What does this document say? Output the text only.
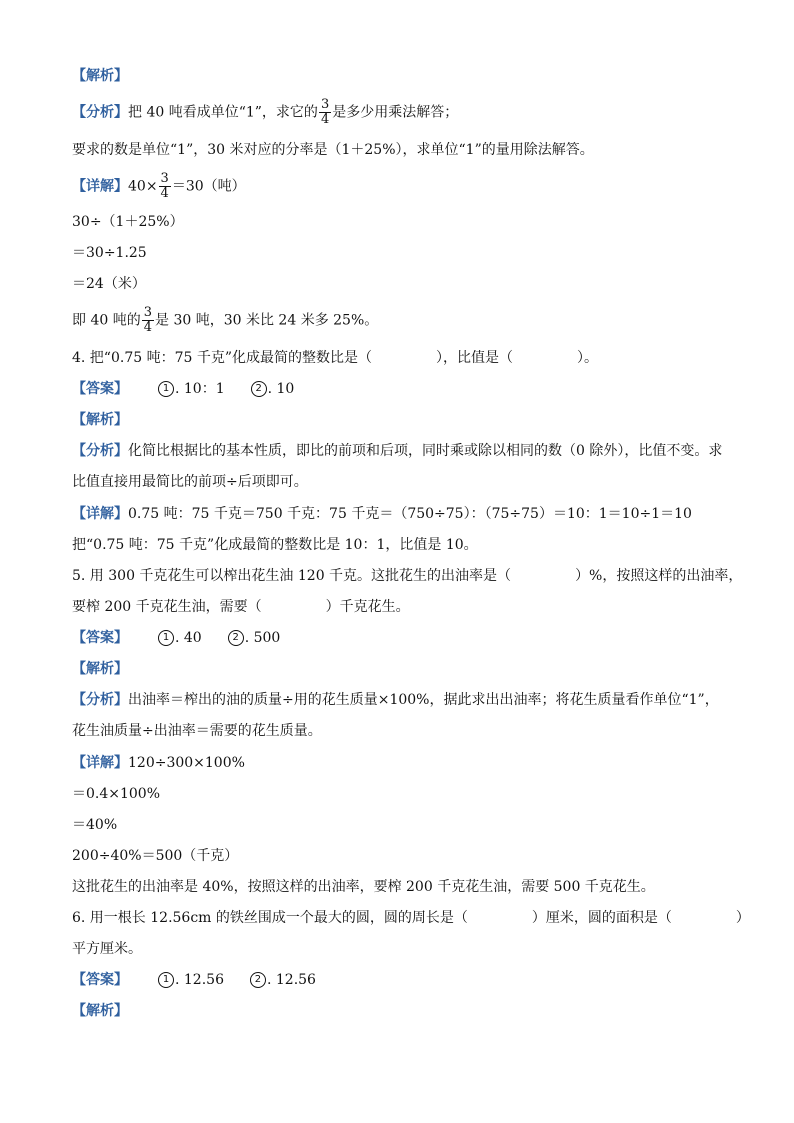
【解析】
【分析】把 40 吨看成单位“1”，求它的 $\frac{3}{4}$ 是多少用乘法解答；
要求的数是单位“1”，30 米对应的分率是（1＋25%），求单位“1”的量用除法解答。
【详解】$40\times \frac{3}{4} =30$（吨）
30÷（1＋25%）
＝30÷1.25
＝24（米）
即 40 吨的 $\frac{3}{4}$ 是 30 吨，30 米比 24 米多 25%。
4. 把“0.75 吨：75 千克”化成最简的整数比是（	），比值是（	）。
【答案】	1 . 10：1	2 . 10
【解析】
【分析】化简比根据比的基本性质，即比的前项和后项，同时乘或除以相同的数（0 除外），比值不变。求
比值直接用最简比的前项÷后项即可。
【详解】0.75 吨：75 千克＝750 千克：75 千克＝（750÷75）：（75÷75）＝10：1＝10÷1＝10
把“0.75 吨：75 千克”化成最简的整数比是 10：1，比值是 10。
5. 用 300 千克花生可以榨出花生油 120 千克。这批花生的出油率是（	）%，按照这样的出油率，
要榨 200 千克花生油，需要（	）千克花生。
【答案】	1 . 40	2 . 500
【解析】
【分析】出油率＝榨出的油的质量÷用的花生质量×100%，据此求出出油率；将花生质量看作单位“1”，
花生油质量÷出油率＝需要的花生质量。
【详解】120÷300×100%
＝0.4×100%
＝40%
200÷40%＝500（千克）
这批花生的出油率是 40%，按照这样的出油率，要榨 200 千克花生油，需要 500 千克花生。
6. 用一根长 12.56cm 的铁丝围成一个最大的圆，圆的周长是（	）厘米，圆的面积是（	）
平方厘米。
【答案】	1 . 12.56	2 . 12.56
【解析】
